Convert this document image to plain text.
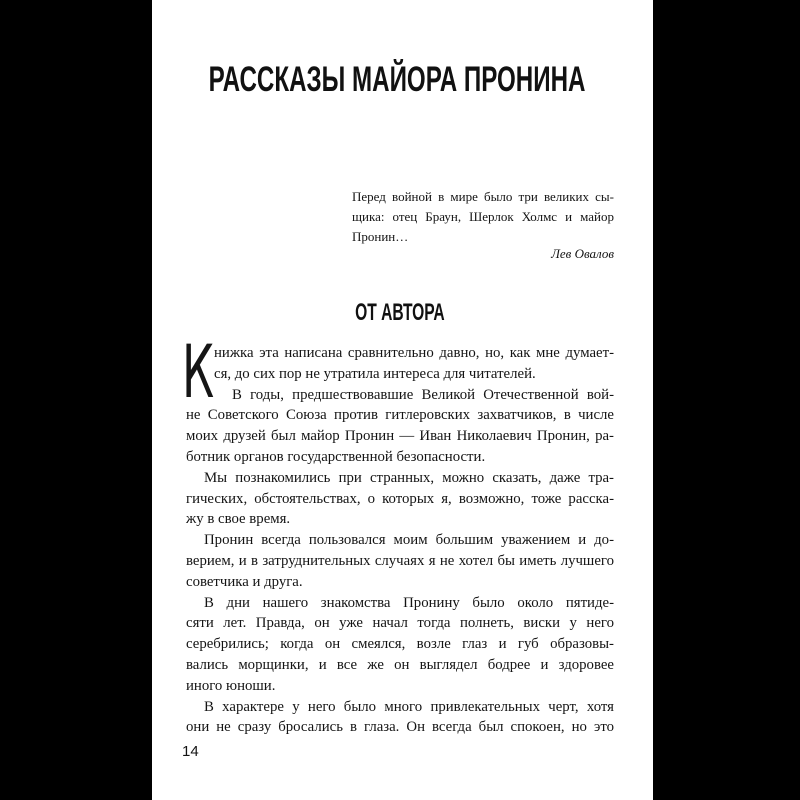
РАССКАЗЫ МАЙОРА ПРОНИНА
Перед войной в мире было три великих сы-
щика: отец Браун, Шерлок Холмс и майор
Пронин…
Лев Овалов
ОТ АВТОРА
К нижка эта написана сравнительно давно, но, как мне думает-
ся, до сих пор не утратила интереса для читателей.
В годы, предшествовавшие Великой Отечественной вой-
не Советского Союза против гитлеровских захватчиков, в числе
моих друзей был майор Пронин — Иван Николаевич Пронин, ра-
ботник органов государственной безопасности.
Мы познакомились при странных, можно сказать, даже тра-
гических, обстоятельствах, о которых я, возможно, тоже расска-
жу в свое время.
Пронин всегда пользовался моим большим уважением и до-
верием, и в затруднительных случаях я не хотел бы иметь лучшего
советчика и друга.
В дни нашего знакомства Пронину было около пятиде-
сяти лет. Правда, он уже начал тогда полнеть, виски у него
серебрились; когда он смеялся, возле глаз и губ образовы-
вались морщинки, и все же он выглядел бодрее и здоровее
иного юноши.
В характере у него было много привлекательных черт, хотя
они не сразу бросались в глаза. Он всегда был спокоен, но это
14
